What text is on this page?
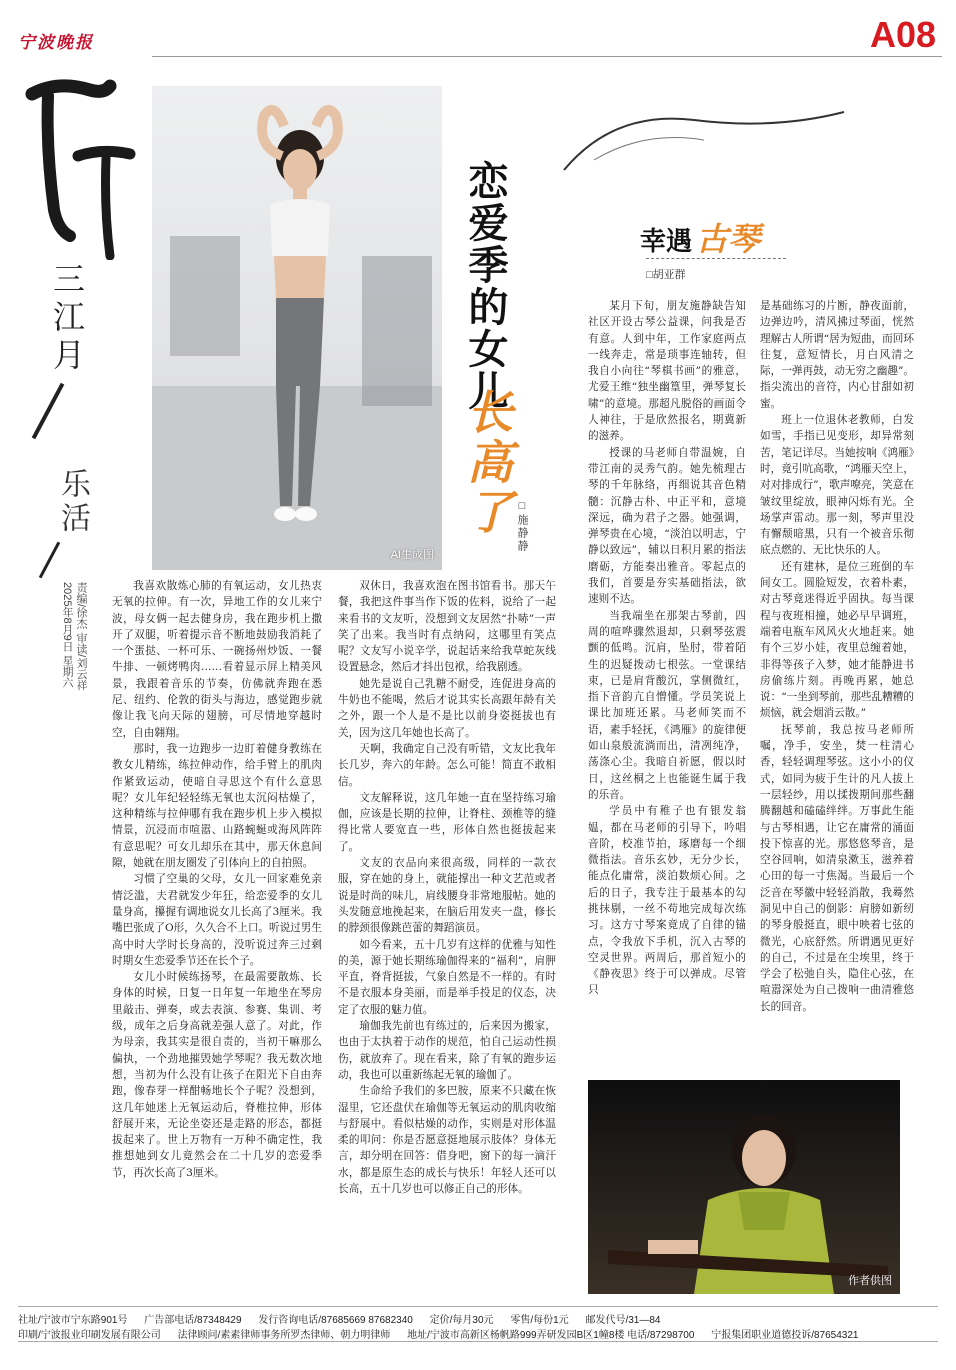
宁波晚报	A08
三江月
乐活
责编/徐杰 审读/刘云祥
2025年8月9日 星期六
AI生成图
恋爱季的女儿
长高了 □施静静
幸遇 古琴
□胡亚群

我喜欢散炼心肺的有氧运动，女儿热衷无氧的拉伸。有一次，异地工作的女儿来宁波，母女俩一起去健身房，我在跑步机上撒开了双腿，听着提示音不断地鼓励我消耗了一个蛋挞、一杯可乐、一碗扬州炒饭、一餐牛排、一顿烤鸭肉……看着显示屏上精美风景，我跟着音乐的节奏，仿佛就奔跑在悉尼、纽约、伦敦的街头与海边，感觉跑步就像让我飞向天际的翅膀，可尽情地穿越时空，自由翱翔。

那时，我一边跑步一边盯着健身教练在教女儿精练，练拉伸动作，给手臂上的肌肉作紧致运动，使暗自寻思这个有什么意思呢？女儿年纪轻轻练无氧也太沉闷枯燥了，这种精练与拉伸哪有我在跑步机上步入模拟情景，沉浸而市喧嚣、山路蜿蜒或海风阵阵有意思呢？可女儿却乐在其中，那天休息间隙，她就在朋友圈发了引体向上的自拍照。

习惯了空巢的父母，女儿一回家难免亲情泛滥，夫君就发少年狂，给恋爱季的女儿量身高，攥握有调地说女儿长高了3厘米。我嘴巴张成了O形，久久合不上口。听说过男生高中时大学时长身高的，没听说过奔三过剩时期女生恋爱季节还在长个子。

女儿小时候练扬琴，在最需要散炼、长身体的时候，日复一日年复一年地坐在琴房里敲击、弹奏，或去表演、参赛、集训、考级，成年之后身高就差强人意了。对此，作为母亲，我其实是很自责的，当初干嘛那么偏执，一个劲地摧毁她学琴呢？我无数次地想，当初为什么没有让孩子在阳光下自由奔跑，像春芽一样酣畅地长个子呢？没想到，这几年她迷上无氧运动后，脊椎拉伸，形体舒展开来，无论坐姿还是走路的形态，都挺拔起来了。世上万物有一万种不确定性，我推想她到女儿竟然会在二十几岁的恋爱季节，再次长高了3厘米。

双休日，我喜欢泡在图书馆看书。那天午餐，我把这件事当作下饭的佐料，说给了一起来看书的文友听，没想到文友居然“扑哧”一声笑了出来。我当时有点纳闷，这哪里有笑点呢？文友写小说辛学，说起话来给我草蛇灰线设置悬念，然后才抖出包袱，给我剧透。

她先是说自己乳糖不耐受，连促进身高的牛奶也不能喝，然后才说其实长高跟年龄有关之外，跟一个人是不是比以前身姿挺拔也有关，因为这几年她也长高了。

天啊，我确定自己没有听错，文友比我年长几岁，奔六的年龄。怎么可能！简直不敢相信。

文友解释说，这几年她一直在坚持练习瑜伽，应该是长期的拉伸，让脊柱、颈椎等的缝得比常人要宽直一些，形体自然也挺拔起来了。

文友的衣品向来很高级，同样的一款衣服，穿在她的身上，就能撑出一种文艺范或者说是时尚的味儿，肩线腰身非常地服帖。她的头发随意地挽起来，在脑后用发夹一盘，修长的脖颈很像跳芭蕾的舞蹈演员。

如今看来，五十几岁有这样的优雅与知性的美，源于她长期练瑜伽得来的“福利”，肩胛平直，脊背挺拔，气象自然是不一样的。有时不是衣服本身美丽，而是举手投足的仪态，决定了衣服的魅力值。

瑜伽我先前也有练过的，后来因为搬家，也由于太执着于动作的规范，怕自己运动性损伤，就放弃了。现在看来，除了有氧的跑步运动，我也可以重新练起无氧的瑜伽了。

生命给予我们的多巴胺，原来不只藏在恢湿里，它还盘伏在瑜伽等无氧运动的肌肉收缩与舒展中。看似枯燥的动作，实则是对形体温柔的叩问：你是否愿意挺地展示肢体？身体无言，却分明在回答：借身吧，窗下的每一滴汗水，都是原生态的成长与快乐！年轻人还可以长高，五十几岁也可以修正自己的形体。

某月下旬，朋友施静缺告知社区开设古琴公益课，问我是否有意。人到中年，工作家庭两点一线奔走，常是琐事连轴转，但我自小向往“琴棋书画”的雅意，尤爱王维“独坐幽篁里，弹琴复长啸”的意境。那超凡脱俗的画面令人神往，于是欣然报名，期冀新的滋养。

授课的马老师自带温婉，自带江南的灵秀气韵。她先梳理古琴的千年脉络，再细说其音色精髓：沉静古朴、中正平和，意境深远，确为君子之器。她强调，弹琴贵在心境，“淡泊以明志，宁静以致远”，辅以日积月累的指法磨砺，方能奏出雅音。零起点的我们，首要是夯实基础指法，欲速则不达。

当我端坐在那架古琴前，四周的喧哗骤然退却，只剩琴弦震颤的低鸣。沉肩，坠肘，带着陌生的迟疑拨动七根弦。一堂课结束，已是肩背酸沉，掌侧微红，指下音韵亢自憎懂。学员笑说上课比加班还累。马老师笑而不语，素手轻抚，《鸿雁》的旋律便如山泉般流淌而出，清冽纯净，荡涤心尘。我暗自祈愿，假以时日，这丝桐之上也能诞生属于我的乐音。

学员中有稚子也有银发翁媪，都在马老师的引导下，吟唱音阶，校准节拍，琢磨每一个细微指法。音乐玄妙，无分少长，能点化庸常，淡泊数烦心间。之后的日子，我专注于最基本的勾挑抹剔，一丝不苟地完成每次练习。这方寸琴案竟成了自律的锚点，令我放下手机，沉入古琴的空灵世界。两周后，那首短小的《静夜思》终于可以弹成。尽管只

是基础练习的片断，静夜面前，边弹边吟，清风拂过琴面，恍然理解古人所谓“居为短曲，而回环往复，意短情长，月白风清之际，一弹再鼓，动无穷之幽趣”。指尖流出的音符，内心甘甜如初蜜。

班上一位退休老教师，白发如雪，手指已见变形，却异常刻苦，笔记详尽。当她按响《鸿雁》时，竟引吭高歌，“鸿雁天空上，对对排成行”，歌声嘹亮，笑意在皱纹里绽放，眼神闪烁有光。全场掌声雷动。那一刻，琴声里没有懈颓暗黑，只有一个被音乐彻底点燃的、无比快乐的人。

还有建林，是位三班倒的车间女工。圆脸短发，衣着朴素，对古琴竟迷得近乎固执。每当课程与夜班相撞，她必早早调班，端着电瓶车风风火火地赶来。她有个三岁小娃，夜里总缠着她，非得等孩子入梦，她才能静进书房偷练片刻。再晚再累，她总说：“一坐到琴前，那些乱糟糟的烦恼，就会烟消云散。”

抚琴前，我总按马老师所嘱，净手，安坐，焚一柱清心香，轻轻调理琴弦。这小小的仪式，如同为疲于生计的凡人拔上一层轻纱，用以揉拨期间那些翻腾翻越和磕磕绊绊。万事此生能与古琴相遇，让它在庸常的涌面投下惊喜的光。那悠悠琴音，是空谷回响，如清泉漱玉，滋养着心田的每一寸焦渴。当最后一个泛音在琴徽中轻轻消散，我蓦然洞见中自己的倒影：肩膀如新纫的琴身般挺直，眼中映着七弦的微光，心底舒然。所谓遇见更好的自己，不过是在尘埃里，终于学会了松弛自头，隐住心弦，在喧嚣深处为自己拨响一曲清雅悠长的回音。

作者供图
社址/宁波市宁东路901号 广告部电话/87348429 发行咨询电话/87685669 87682340 定价/每月30元 零售/每份1元 邮发代号/31—84
印刷/宁波报业印刷发展有限公司 法律顾问/素素律师事务所罗杰律师、朝力明律师 地址/宁波市高新区杨帆路999弄研发园B区1幢8楼 电话/87298700 宁报集团职业道德投诉/87654321
